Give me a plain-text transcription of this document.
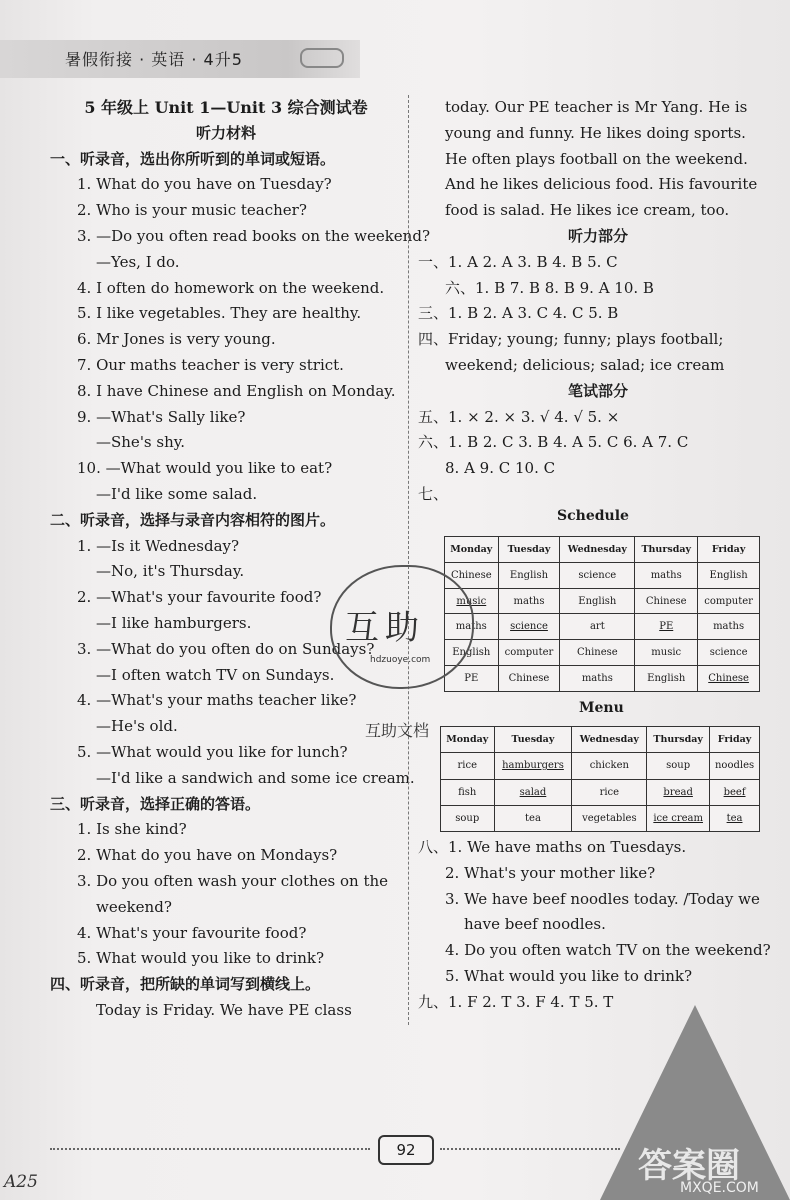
暑假衔接 · 英语 · 4升5
5 年级上 Unit 1—Unit 3 综合测试卷
听力材料
一、听录音，选出你所听到的单词或短语。
1. What do you have on Tuesday?
2. Who is your music teacher?
3. —Do you often read books on the weekend?
—Yes, I do.
4. I often do homework on the weekend.
5. I like vegetables. They are healthy.
6. Mr Jones is very young.
7. Our maths teacher is very strict.
8. I have Chinese and English on Monday.
9. —What's Sally like?
—She's shy.
10. —What would you like to eat?
—I'd like some salad.
二、听录音，选择与录音内容相符的图片。
1. —Is it Wednesday?
—No, it's Thursday.
2. —What's your favourite food?
—I like hamburgers.
3. —What do you often do on Sundays?
—I often watch TV on Sundays.
4. —What's your maths teacher like?
—He's old.
5. —What would you like for lunch?
—I'd like a sandwich and some ice cream.
三、听录音，选择正确的答语。
1. Is she kind?
2. What do you have on Mondays?
3. Do you often wash your clothes on the
weekend?
4. What's your favourite food?
5. What would you like to drink?
四、听录音，把所缺的单词写到横线上。
Today is Friday. We have PE class
today. Our PE teacher is Mr Yang. He is
young and funny. He likes doing sports.
He often plays football on the weekend.
And he likes delicious food. His favourite
food is salad. He likes ice cream, too.
听力部分
一、1. A 2. A 3. B 4. B 5. C
六、1. B 7. B 8. B 9. A 10. B
三、1. B 2. A 3. C 4. C 5. B
四、Friday; young; funny; plays football;
weekend; delicious; salad; ice cream
笔试部分
五、1. × 2. × 3. √ 4. √ 5. ×
六、1. B 2. C 3. B 4. A 5. C 6. A 7. C
8. A 9. C 10. C
七、
Schedule
Monday	Tuesday	Wednesday	Thursday	Friday
Chinese	English	science	maths	English
music	maths	English	Chinese	computer
maths	science	art	PE	maths
English	computer	Chinese	music	science
PE	Chinese	maths	English	Chinese
Menu
Monday	Tuesday	Wednesday	Thursday	Friday
rice	hamburgers	chicken	soup	noodles
fish	salad	rice	bread	beef
soup	tea	vegetables	ice cream	tea
八、1. We have maths on Tuesdays.
2. What's your mother like?
3. We have beef noodles today. /Today we
have beef noodles.
4. Do you often watch TV on the weekend?
5. What would you like to drink?
九、1. F 2. T 3. F 4. T 5. T
互助
hdzuoye.com
互助文档
92	答案圈
MXQE.COM
A25
